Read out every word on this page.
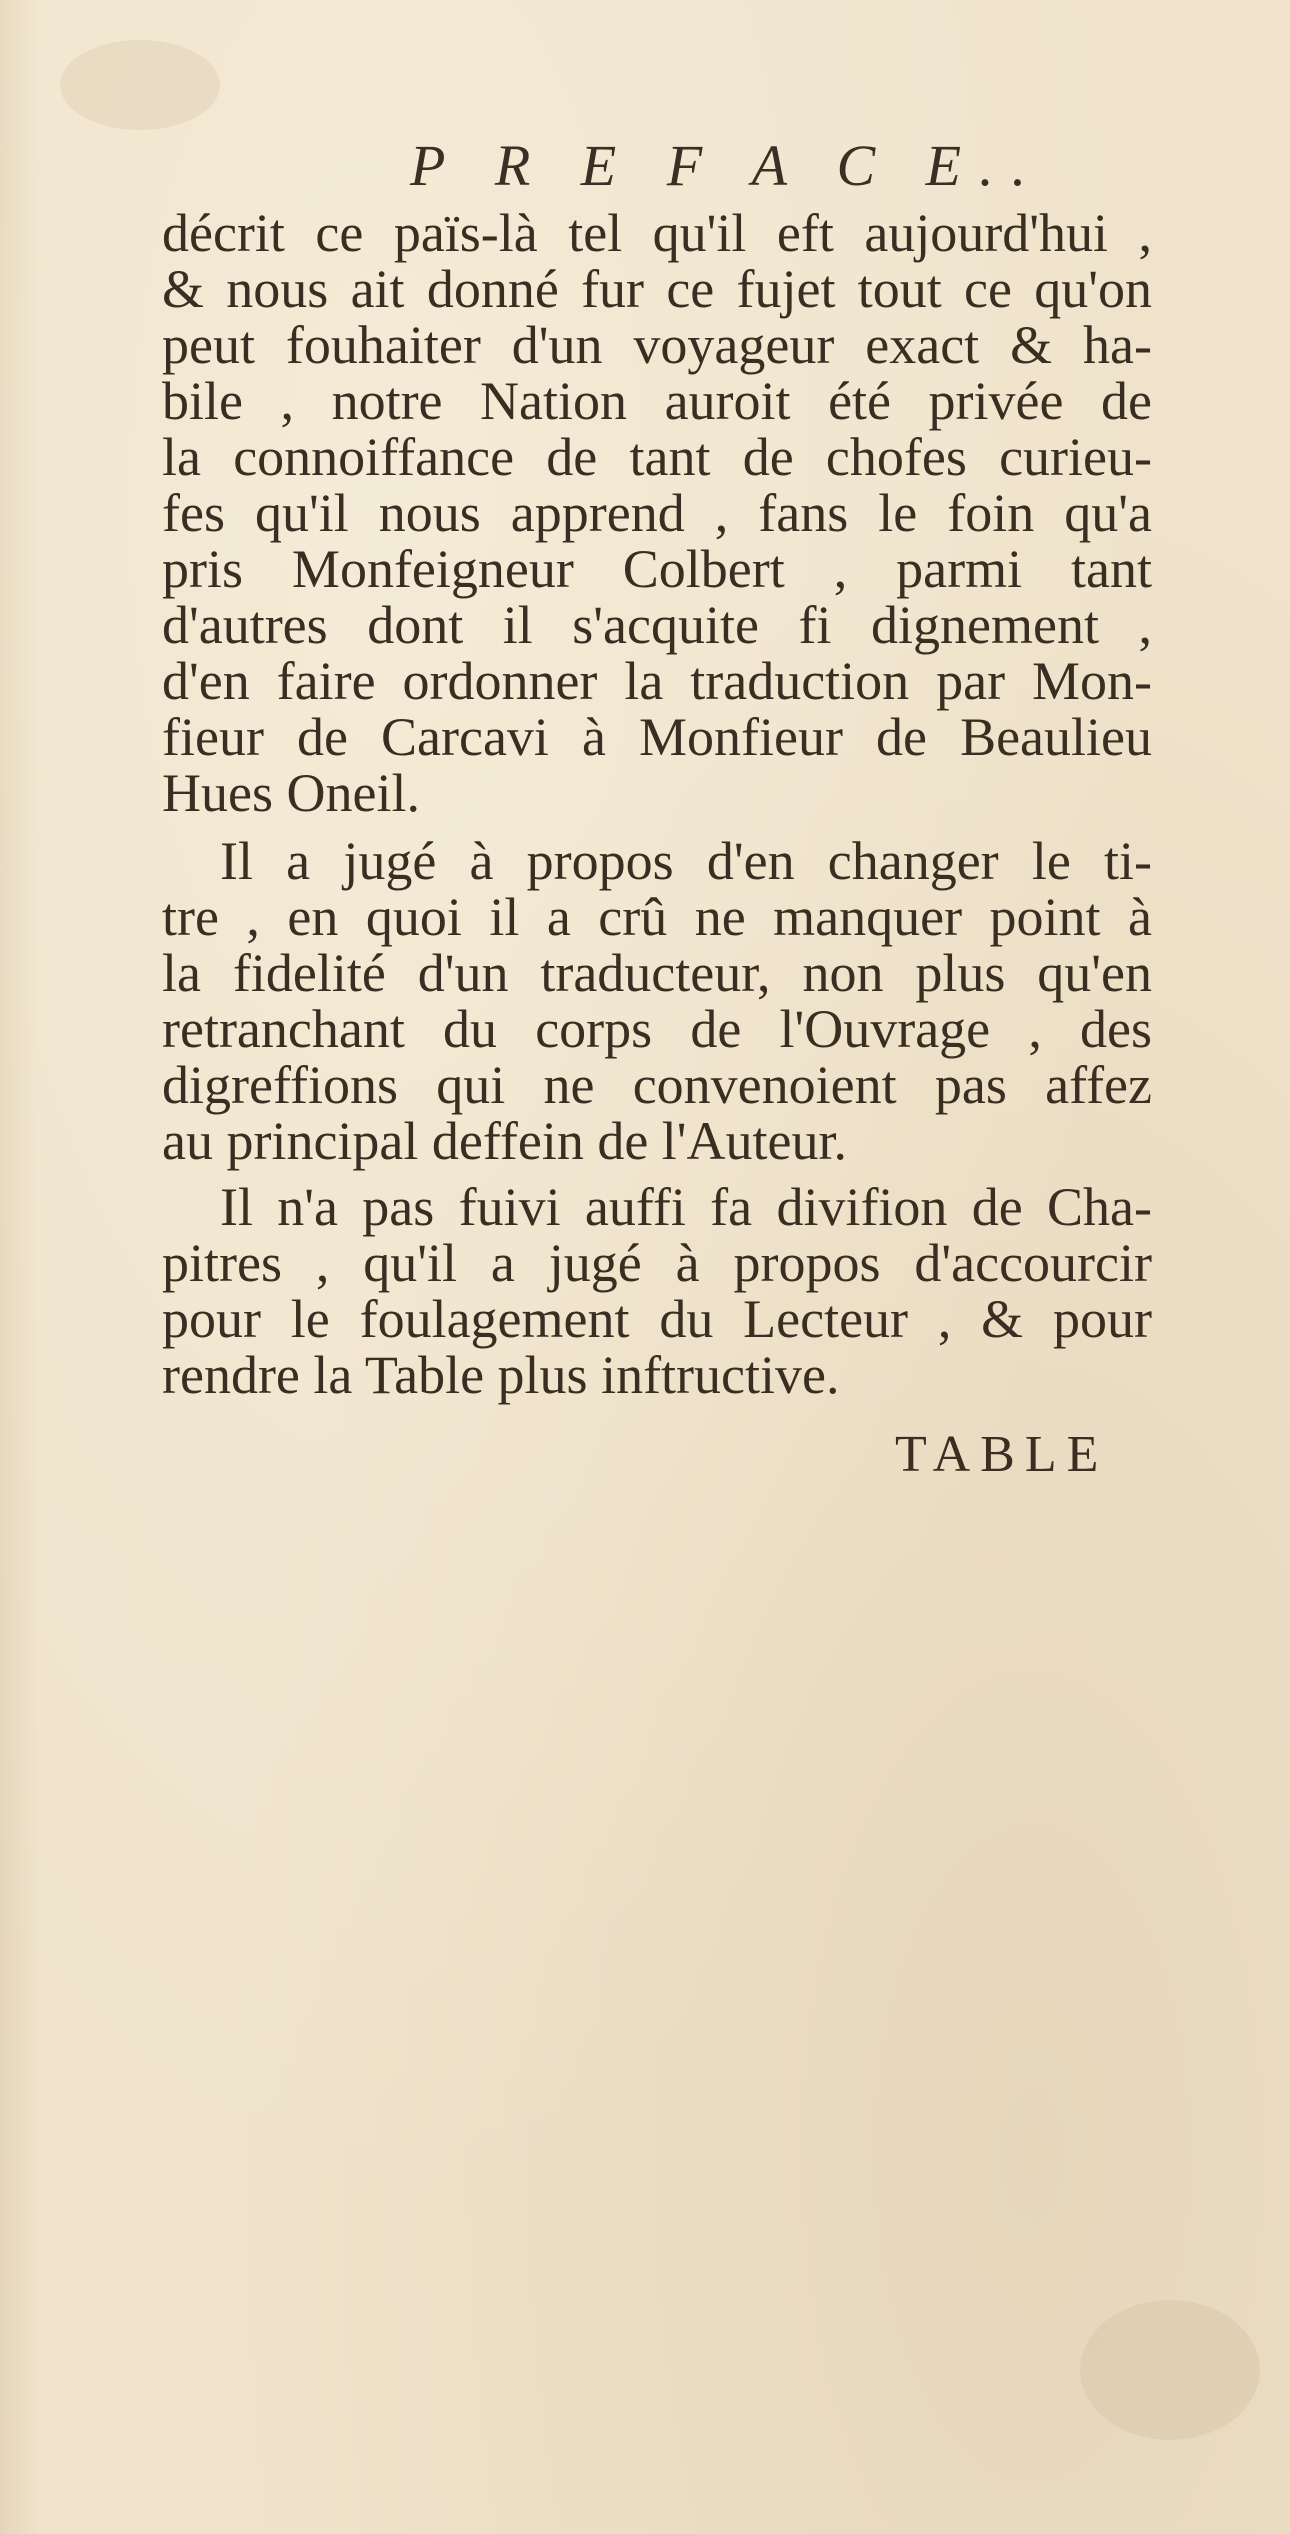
P R E F A C E..
décrit ce païs-là tel qu'il eft aujourd'hui ,
& nous ait donné fur ce fujet tout ce qu'on
peut fouhaiter d'un voyageur exact & ha-
bile , notre Nation auroit été privée de
la connoiffance de tant de chofes curieu-
fes qu'il nous apprend , fans le foin qu'a
pris Monfeigneur Colbert , parmi tant
d'autres dont il s'acquite fi dignement ,
d'en faire ordonner la traduction par Mon-
fieur de Carcavi à Monfieur de Beaulieu
Hues Oneil.
Il a jugé à propos d'en changer le ti-
tre , en quoi il a crû ne manquer point à
la fidelité d'un traducteur, non plus qu'en
retranchant du corps de l'Ouvrage , des
digreffions qui ne convenoient pas affez
au principal deffein de l'Auteur.
Il n'a pas fuivi auffi fa divifion de Cha-
pitres , qu'il a jugé à propos d'accourcir
pour le foulagement du Lecteur , & pour
rendre la Table plus inftructive.
TABLE
